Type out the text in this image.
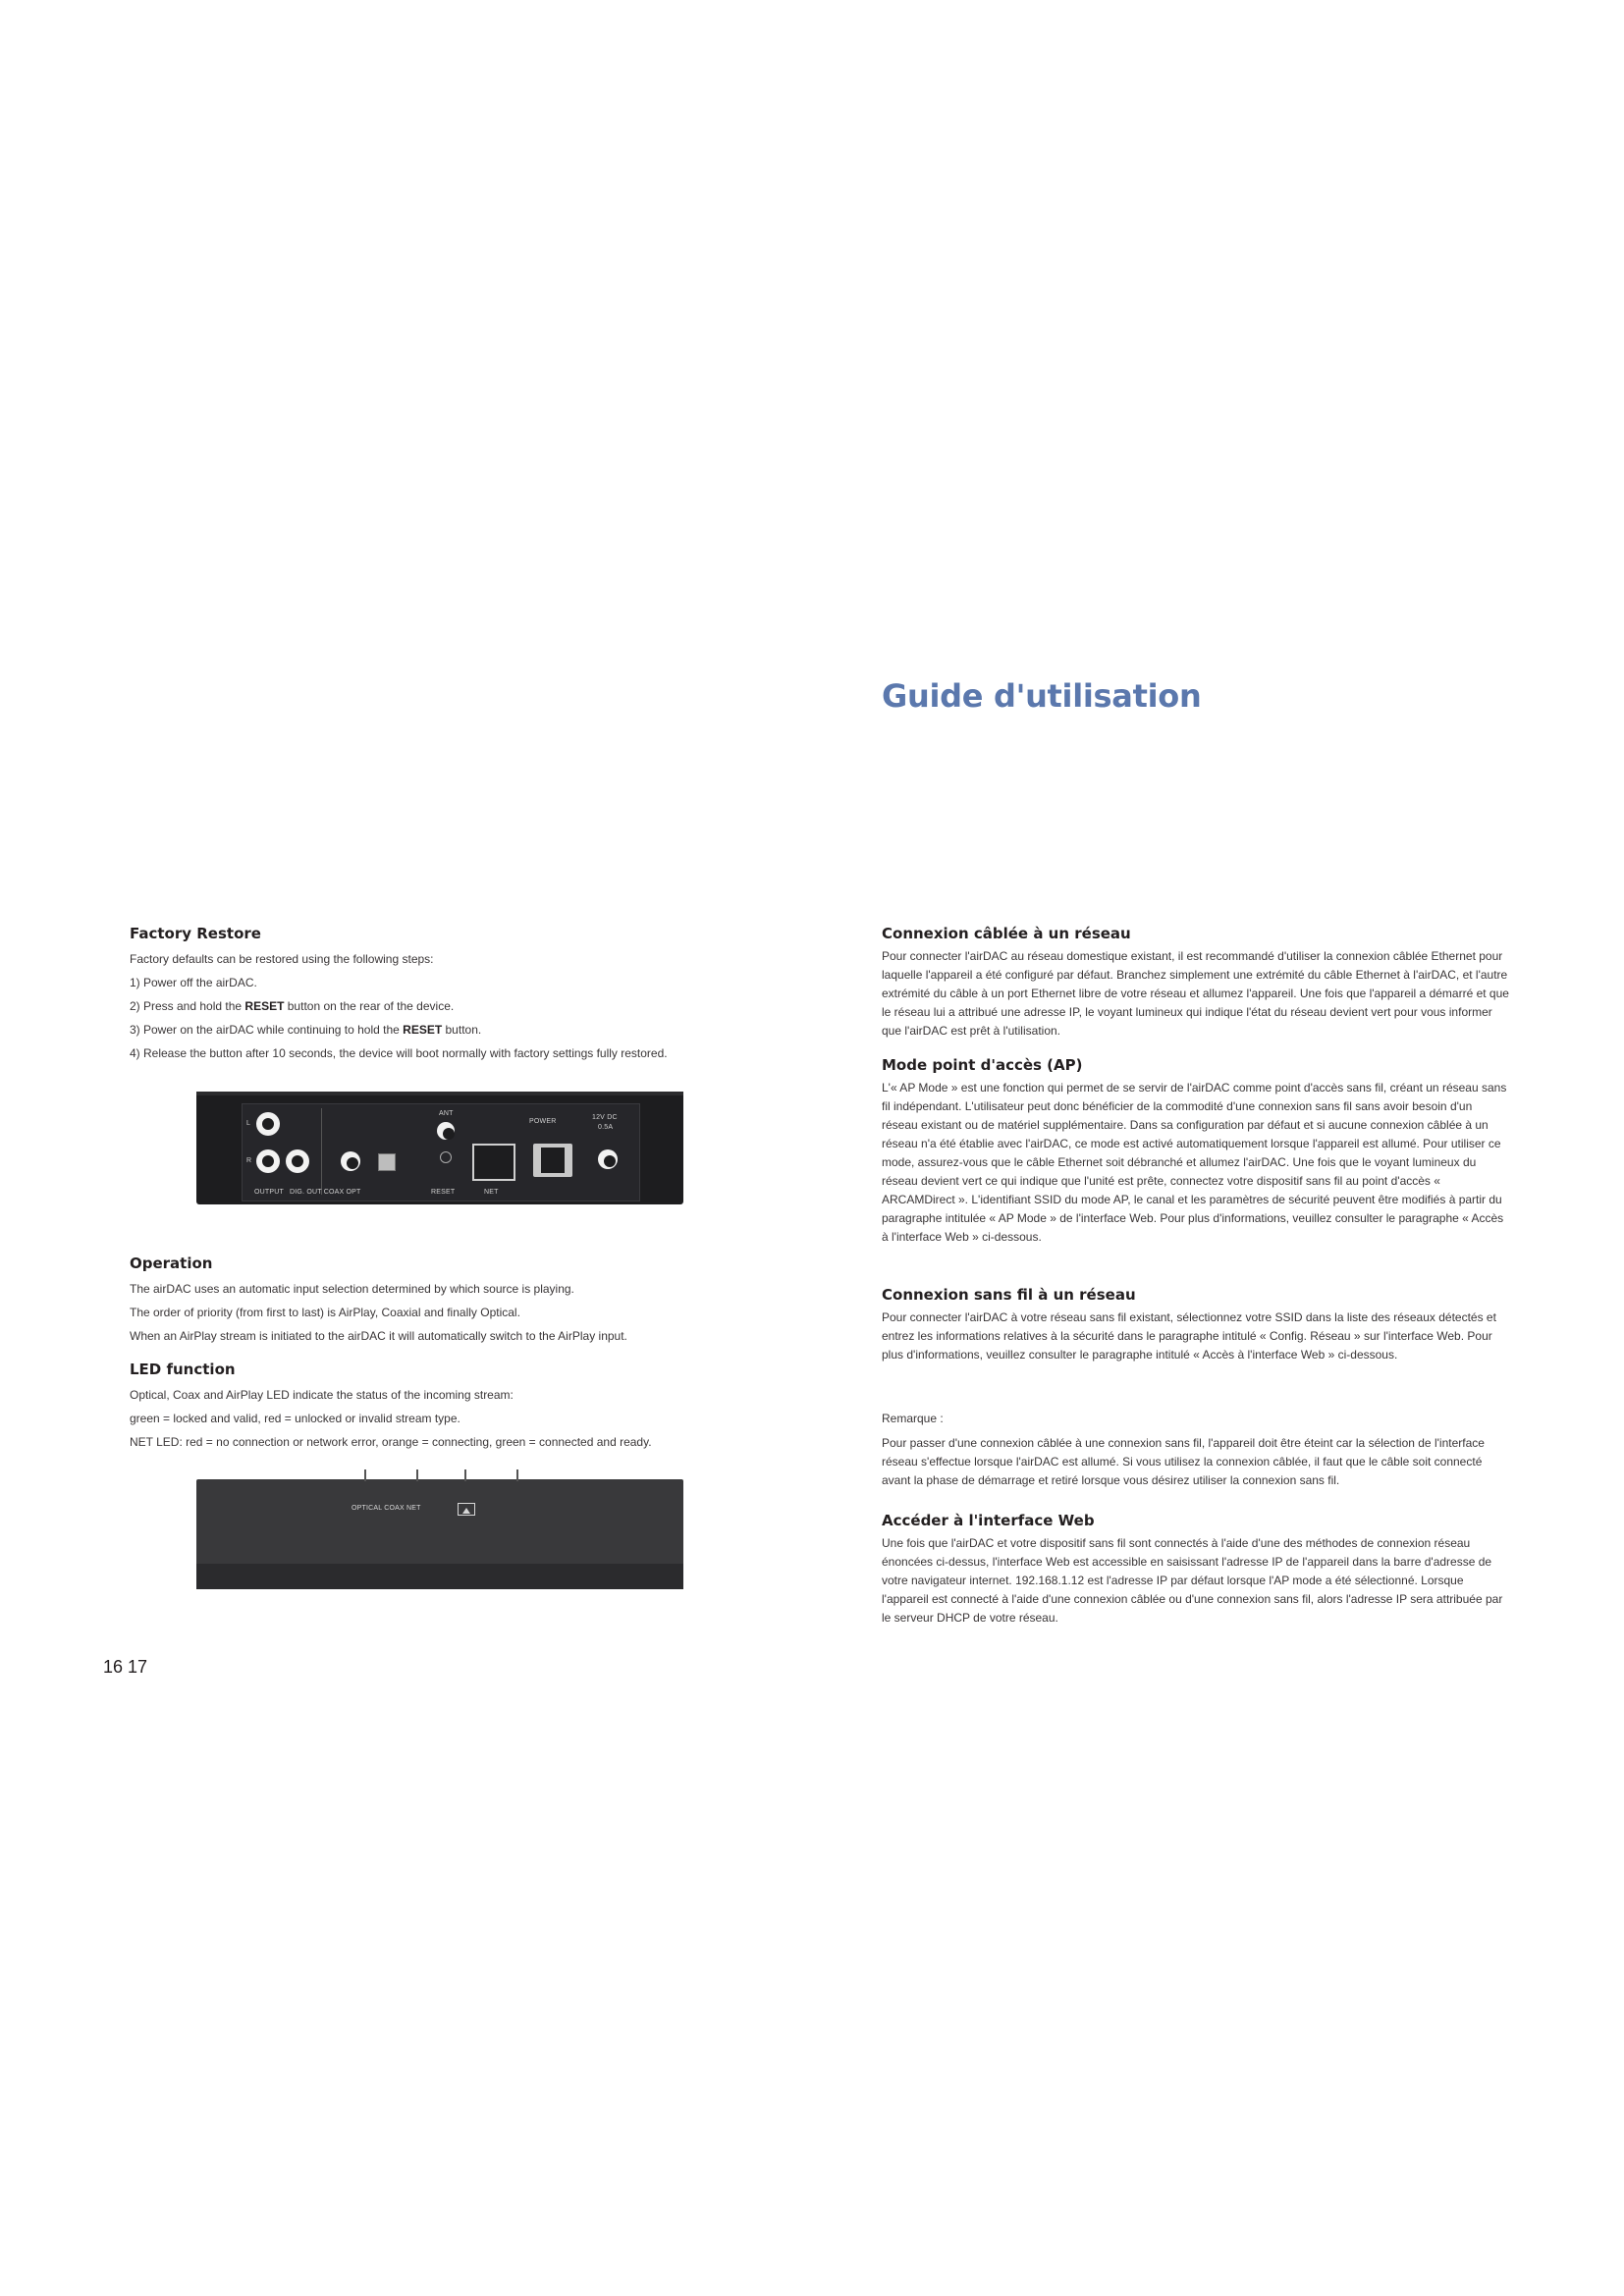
Guide d'utilisation
Factory Restore

Factory defaults can be restored using the following steps:

1) Power off the airDAC.

2) Press and hold the RESET button on the rear of the device.

3) Power on the airDAC while continuing to hold the RESET button.

4) Release the button after 10 seconds, the device will boot normally with factory settings fully restored.

Operation

The airDAC uses an automatic input selection determined by which source is playing.

The order of priority (from first to last) is AirPlay, Coaxial and finally Optical.

When an AirPlay stream is initiated to the airDAC it will automatically switch to the AirPlay input.

LED function

Optical, Coax and AirPlay LED indicate the status of the incoming stream:

green = locked and valid, red = unlocked or invalid stream type.

NET LED: red = no connection or network error, orange = connecting, green = connected and ready.

L
R
OUTPUT DIG. OUT COAX OPT
ANT
RESET	NET
POWER
12V DC
0.5A
OPTICAL COAX NET
Connexion câblée à un réseau

Pour connecter l'airDAC au réseau domestique existant, il est recommandé d'utiliser la connexion câblée Ethernet pour laquelle l'appareil a été configuré par défaut. Branchez simplement une extrémité du câble Ethernet à l'airDAC, et l'autre extrémité du câble à un port Ethernet libre de votre réseau et allumez l'appareil. Une fois que l'appareil a démarré et que le réseau lui a attribué une adresse IP, le voyant lumineux qui indique l'état du réseau devient vert pour vous informer que l'airDAC est prêt à l'utilisation.

Mode point d'accès (AP)

L'« AP Mode » est une fonction qui permet de se servir de l'airDAC comme point d'accès sans fil, créant un réseau sans fil indépendant. L'utilisateur peut donc bénéficier de la commodité d'une connexion sans fil sans avoir besoin d'un réseau existant ou de matériel supplémentaire. Dans sa configuration par défaut et si aucune connexion câblée à un réseau n'a été établie avec l'airDAC, ce mode est activé automatiquement lorsque l'appareil est allumé. Pour utiliser ce mode, assurez-vous que le câble Ethernet soit débranché et allumez l'airDAC. Une fois que le voyant lumineux du réseau devient vert ce qui indique que l'unité est prête, connectez votre dispositif sans fil au point d'accès « ARCAMDirect ». L'identifiant SSID du mode AP, le canal et les paramètres de sécurité peuvent être modifiés à partir du paragraphe intitulée « AP Mode » de l'interface Web. Pour plus d'informations, veuillez consulter le paragraphe « Accès à l'interface Web » ci-dessous.

Connexion sans fil à un réseau

Pour connecter l'airDAC à votre réseau sans fil existant, sélectionnez votre SSID dans la liste des réseaux détectés et entrez les informations relatives à la sécurité dans le paragraphe intitulé « Config. Réseau » sur l'interface Web. Pour plus d'informations, veuillez consulter le paragraphe intitulé « Accès à l'interface Web » ci-dessous.

Remarque :

Pour passer d'une connexion câblée à une connexion sans fil, l'appareil doit être éteint car la sélection de l'interface réseau s'effectue lorsque l'airDAC est allumé. Si vous utilisez la connexion câblée, il faut que le câble soit connecté avant la phase de démarrage et retiré lorsque vous désirez utiliser la connexion sans fil.

Accéder à l'interface Web

Une fois que l'airDAC et votre dispositif sans fil sont connectés à l'aide d'une des méthodes de connexion réseau énoncées ci-dessus, l'interface Web est accessible en saisissant l'adresse IP de l'appareil dans la barre d'adresse de votre navigateur internet. 192.168.1.12 est l'adresse IP par défaut lorsque l'AP mode a été sélectionné. Lorsque l'appareil est connecté à l'aide d'une connexion câblée ou d'une connexion sans fil, alors l'adresse IP sera attribuée par le serveur DHCP de votre réseau.

16 17
